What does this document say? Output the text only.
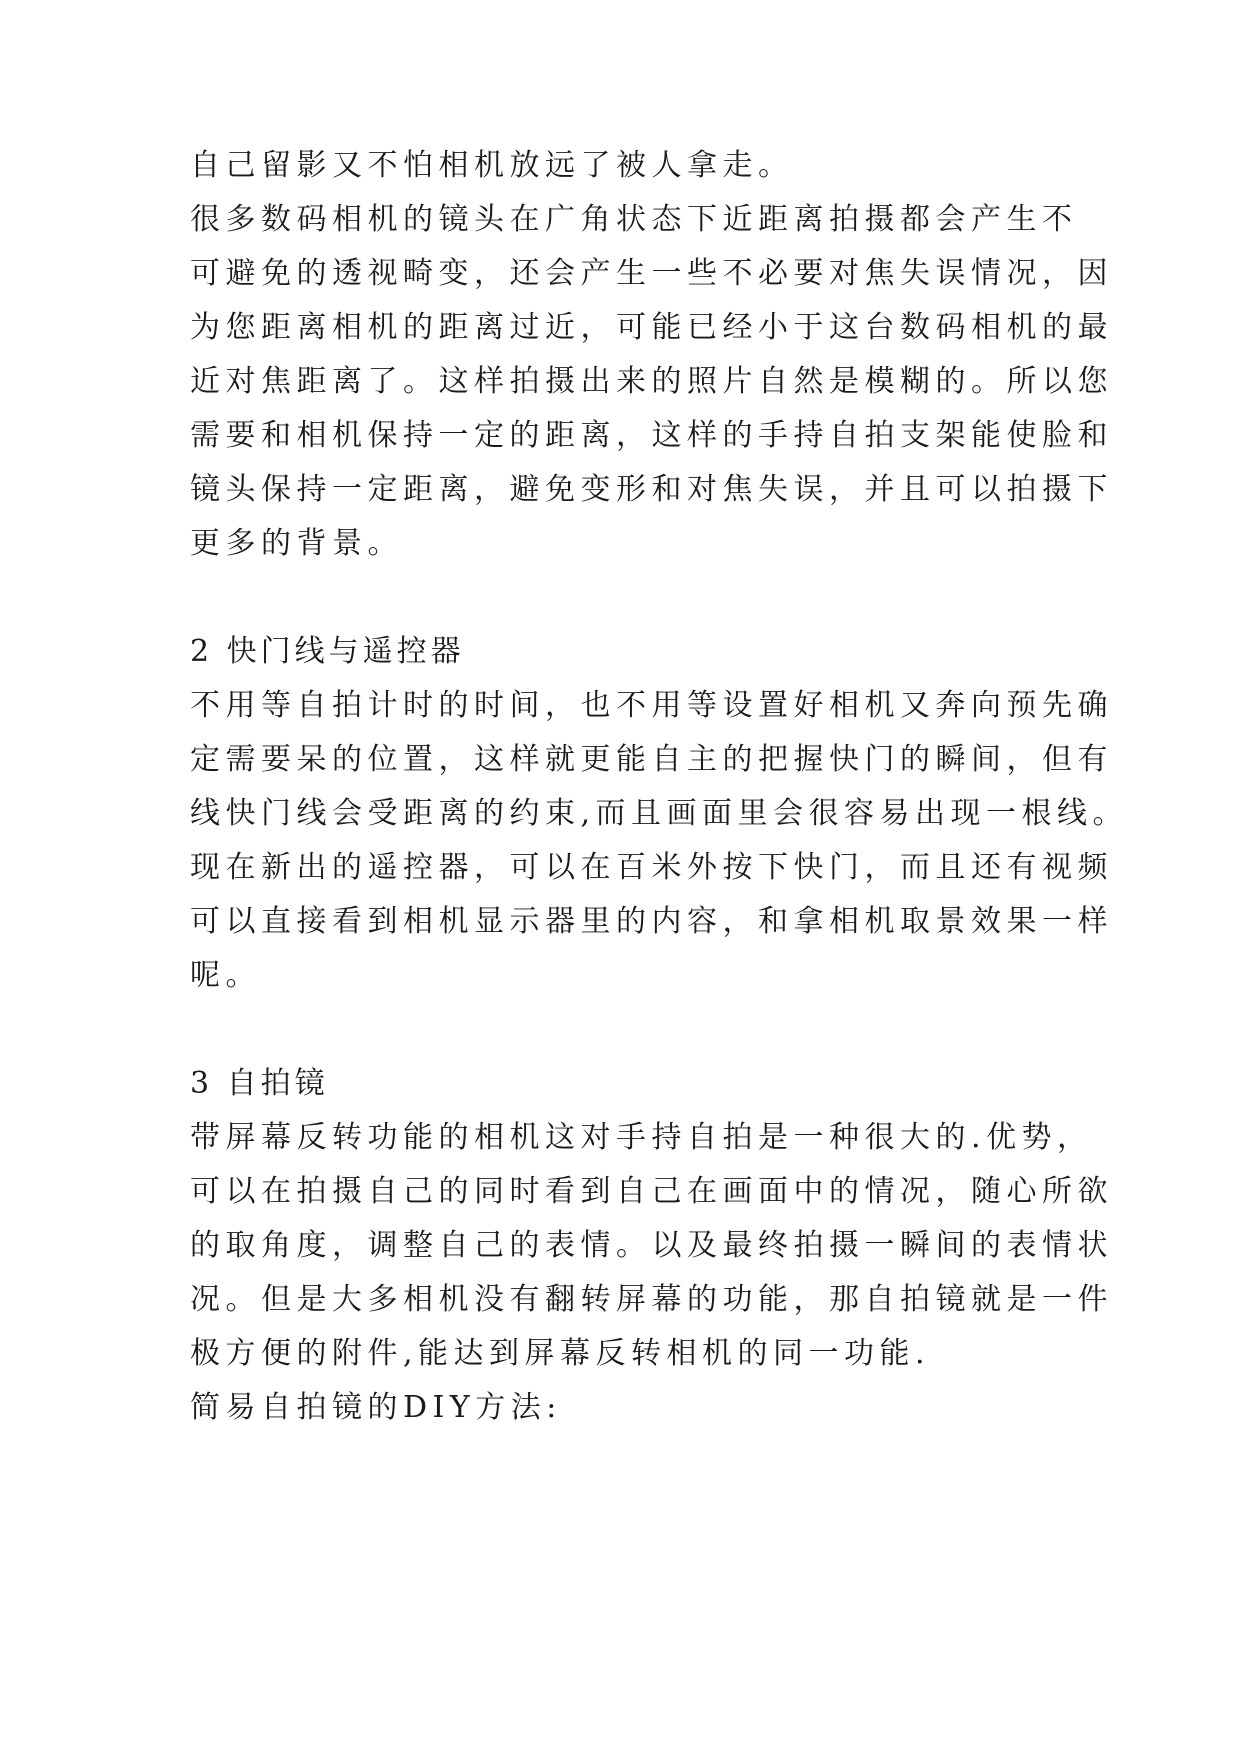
自己留影又不怕相机放远了被人拿走。
很多数码相机的镜头在广角状态下近距离拍摄都会产生不
可避免的透视畸变，还会产生一些不必要对焦失误情况，因
为您距离相机的距离过近，可能已经小于这台数码相机的最
近对焦距离了。这样拍摄出来的照片自然是模糊的。所以您
需要和相机保持一定的距离，这样的手持自拍支架能使脸和
镜头保持一定距离，避免变形和对焦失误，并且可以拍摄下
更多的背景。
2 快门线与遥控器
不用等自拍计时的时间，也不用等设置好相机又奔向预先确
定需要呆的位置，这样就更能自主的把握快门的瞬间，但有
线快门线会受距离的约束,而且画面里会很容易出现一根线。
现在新出的遥控器，可以在百米外按下快门，而且还有视频
可以直接看到相机显示器里的内容，和拿相机取景效果一样
呢。
3 自拍镜
带屏幕反转功能的相机这对手持自拍是一种很大的.优势，
可以在拍摄自己的同时看到自己在画面中的情况，随心所欲
的取角度，调整自己的表情。以及最终拍摄一瞬间的表情状
况。但是大多相机没有翻转屏幕的功能，那自拍镜就是一件
极方便的附件,能达到屏幕反转相机的同一功能.
简易自拍镜的DIY方法:
